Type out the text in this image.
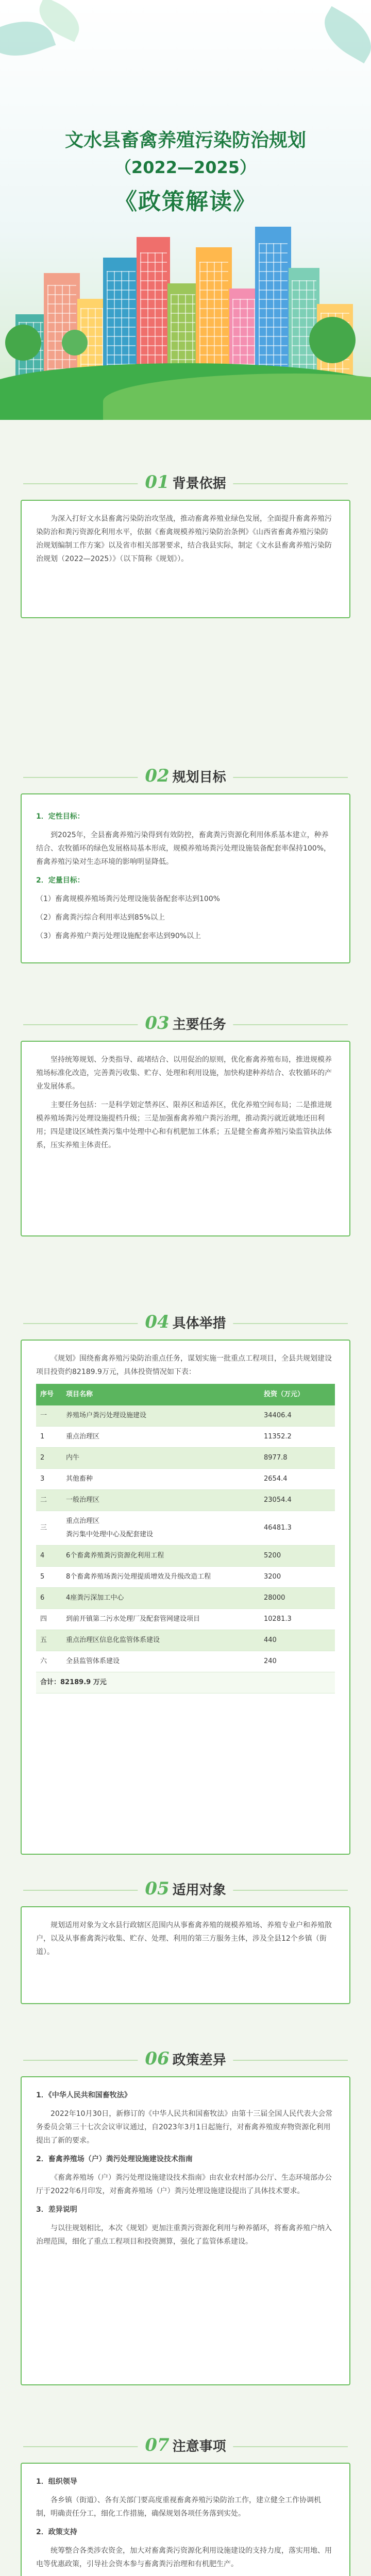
文水县畜禽养殖污染防治规划
（2022—2025）
《政策解读》
01 背景依据

为深入打好文水县畜禽污染防治攻坚战，推动畜禽养殖业绿色发展，全面提升畜禽养殖污染防治和粪污资源化利用水平，依据《畜禽规模养殖污染防治条例》《山西省畜禽养殖污染防治规划编制工作方案》以及省市相关部署要求，结合我县实际，制定《文水县畜禽养殖污染防治规划（2022—2025）》（以下简称《规划》）。

02 规划目标

1．定性目标：

到2025年，全县畜禽养殖污染得到有效防控，畜禽粪污资源化利用体系基本建立，种养结合、农牧循环的绿色发展格局基本形成，规模养殖场粪污处理设施装备配套率保持100%，畜禽养殖污染对生态环境的影响明显降低。

2．定量目标：

（1）畜禽规模养殖场粪污处理设施装备配套率达到100%

（2）畜禽粪污综合利用率达到85%以上

（3）畜禽养殖户粪污处理设施配套率达到90%以上

03 主要任务

坚持统筹规划、分类指导、疏堵结合、以用促治的原则，优化畜禽养殖布局，推进规模养殖场标准化改造，完善粪污收集、贮存、处理和利用设施，加快构建种养结合、农牧循环的产业发展体系。

主要任务包括：一是科学划定禁养区、限养区和适养区，优化养殖空间布局；二是推进规模养殖场粪污处理设施提档升级；三是加强畜禽养殖户粪污治理，推动粪污就近就地还田利用；四是建设区域性粪污集中处理中心和有机肥加工体系；五是健全畜禽养殖污染监管执法体系，压实养殖主体责任。

04 具体举措

《规划》围绕畜禽养殖污染防治重点任务，谋划实施一批重点工程项目，全县共规划建设项目投资约82189.9万元，具体投资情况如下表：

序号	项目名称	投资（万元）
一	养殖场户粪污处理设施建设	34406.4
1	重点治理区	11352.2
2	内牛	8977.8
3	其他畜种	2654.4
二	一般治理区	23054.4
三	重点治理区
粪污集中处理中心及配套建设	46481.3
4	6个畜禽养殖粪污资源化利用工程	5200
5	8个畜禽养殖场粪污处理提质增效及升级改造工程	3200
6	4座粪污深加工中心	28000
四	到前开镇第二污水处理厂及配套管网建设项目	10281.3
五	重点治理区信息化监管体系建设	440
六	全县监管体系建设	240
合计：82189.9 万元		
05 适用对象

规划适用对象为文水县行政辖区范围内从事畜禽养殖的规模养殖场、养殖专业户和养殖散户，以及从事畜禽粪污收集、贮存、处理、利用的第三方服务主体，涉及全县12个乡镇（街道）。

06 政策差异

1．《中华人民共和国畜牧法》

2022年10月30日，新修订的《中华人民共和国畜牧法》由第十三届全国人民代表大会常务委员会第三十七次会议审议通过，自2023年3月1日起施行，对畜禽养殖废弃物资源化利用提出了新的要求。

2．畜禽养殖场（户）粪污处理设施建设技术指南

《畜禽养殖场（户）粪污处理设施建设技术指南》由农业农村部办公厅、生态环境部办公厅于2022年6月印发，对畜禽养殖场（户）粪污处理设施建设提出了具体技术要求。

3．差异说明

与以往规划相比，本次《规划》更加注重粪污资源化利用与种养循环，将畜禽养殖户纳入治理范围，细化了重点工程项目和投资测算，强化了监管体系建设。

07 注意事项

1．组织领导

各乡镇（街道）、各有关部门要高度重视畜禽养殖污染防治工作，建立健全工作协调机制，明确责任分工，细化工作措施，确保规划各项任务落到实处。

2．政策支持

统筹整合各类涉农资金，加大对畜禽粪污资源化利用设施建设的支持力度，落实用地、用电等优惠政策，引导社会资本参与畜禽粪污治理和有机肥生产。
